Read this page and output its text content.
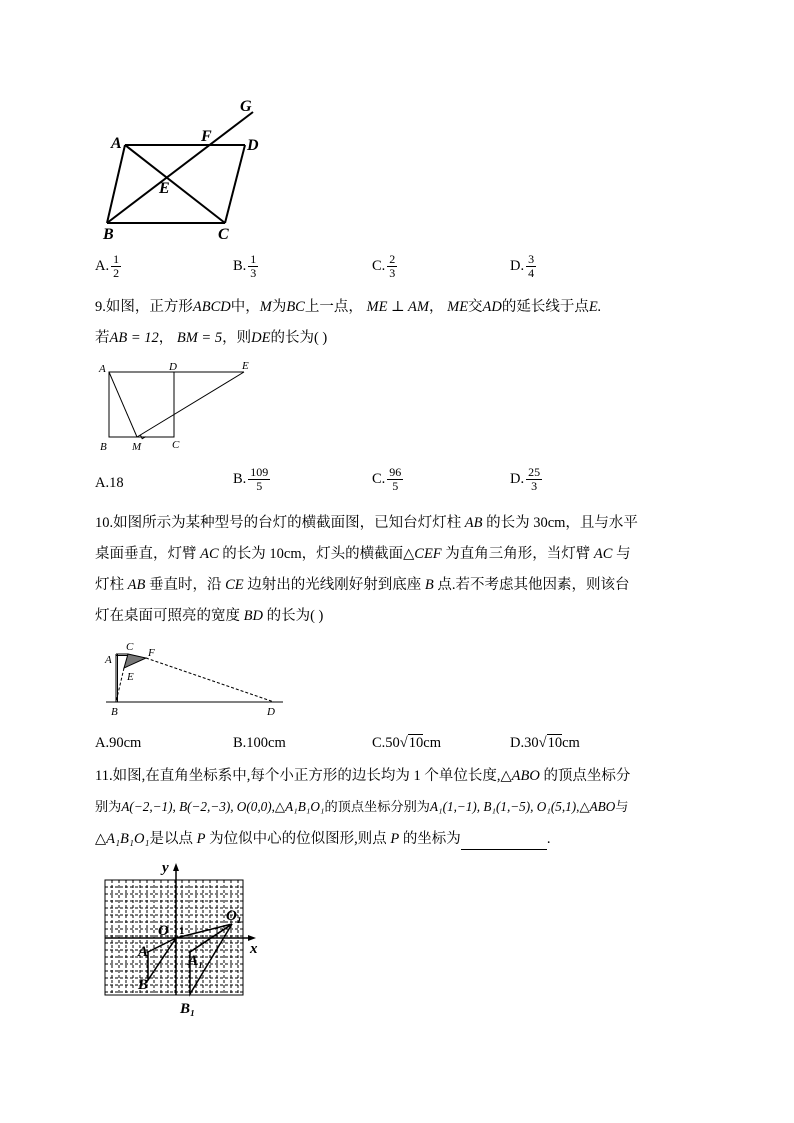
A	D
B	C
E
F
G
A. $\frac{1}{2}$	B. $\frac{1}{3}$	C. $\frac{2}{3}$	D. $\frac{3}{4}$
9.如图，正方形ABCD中，M为BC上一点， ME ⊥ AM， ME交AD的延长线于点E.
若AB = 12， BM = 5，则DE的长为( )
A	D	E
B M	C
A.18	B. $\frac{109}{5}$	C. $\frac{96}{5}$	D. $\frac{25}{3}$
10.如图所示为某种型号的台灯的横截面图，已知台灯灯柱 AB 的长为 30cm，且与水平
桌面垂直，灯臂 AC 的长为 10cm，灯头的横截面△CEF 为直角三角形，当灯臂 AC 与
灯柱 AB 垂直时，沿 CE 边射出的光线刚好射到底座 B 点.若不考虑其他因素，则该台
灯在桌面可照亮的宽度 BD 的长为( )
A
C F
E
B	D
A.90cm	B.100cm	C.50√10cm	D.30√10cm
11.如图,在直角坐标系中,每个小正方形的边长均为 1 个单位长度,△ABO 的顶点坐标分
别为A(−2,−1), B(−2,−3), O(0,0),△A₁B₁O₁的顶点坐标分别为A₁(1,−1), B₁(1,−5), O₁(5,1),△ABO与
△A₁B₁O₁是以点 P 为位似中心的位似图形,则点 P 的坐标为	.
y
x
O
O₁
A
A₁
B
B₁
1
